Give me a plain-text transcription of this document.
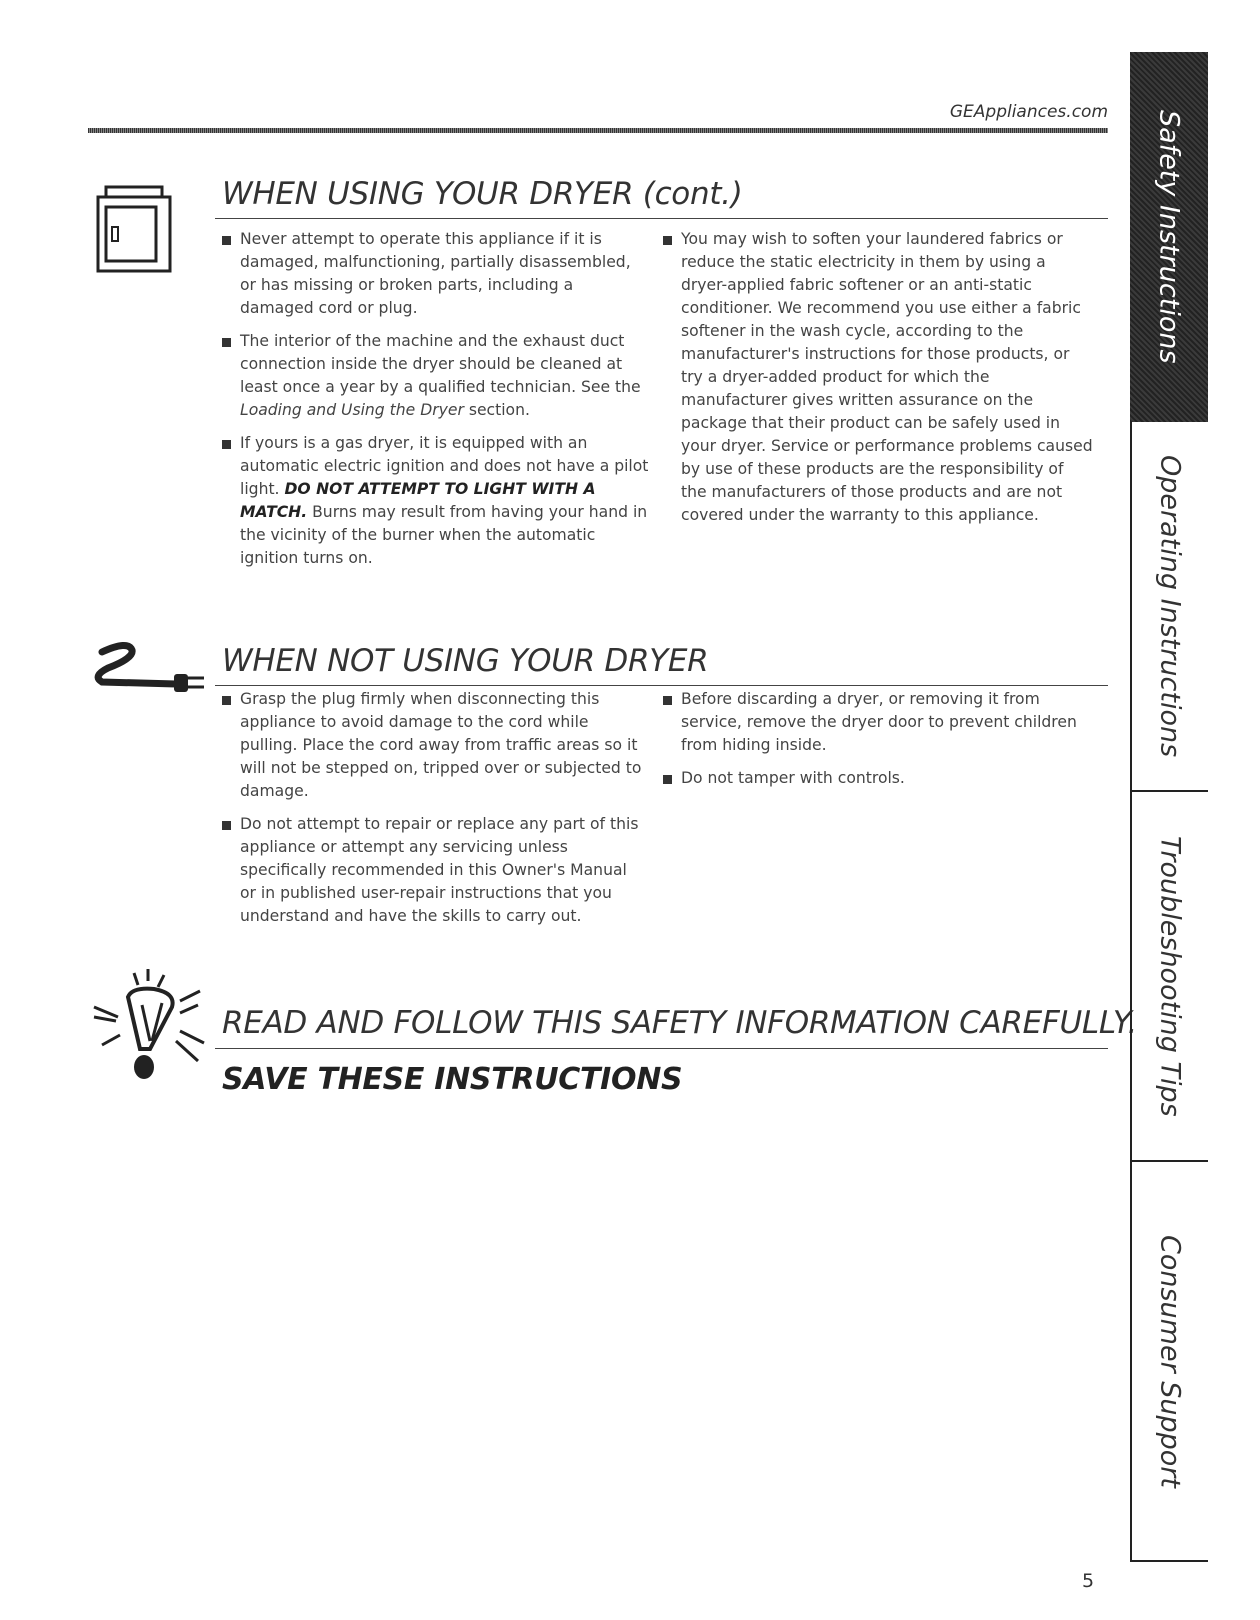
GEAppliances.com
WHEN USING YOUR DRYER (cont.)
Never attempt to operate this appliance if it is damaged, malfunctioning, partially disassembled, or has missing or broken parts, including a damaged cord or plug.
The interior of the machine and the exhaust duct connection inside the dryer should be cleaned at least once a year by a qualified technician. See the Loading and Using the Dryer section.
If yours is a gas dryer, it is equipped with an automatic electric ignition and does not have a pilot light. DO NOT ATTEMPT TO LIGHT WITH A MATCH. Burns may result from having your hand in the vicinity of the burner when the automatic ignition turns on.
You may wish to soften your laundered fabrics or reduce the static electricity in them by using a dryer-applied fabric softener or an anti-static conditioner. We recommend you use either a fabric softener in the wash cycle, according to the manufacturer's instructions for those products, or try a dryer-added product for which the manufacturer gives written assurance on the package that their product can be safely used in your dryer. Service or performance problems caused by use of these products are the responsibility of the manufacturers of those products and are not covered under the warranty to this appliance.
WHEN NOT USING YOUR DRYER
Grasp the plug firmly when disconnecting this appliance to avoid damage to the cord while pulling. Place the cord away from traffic areas so it will not be stepped on, tripped over or subjected to damage.
Do not attempt to repair or replace any part of this appliance or attempt any servicing unless specifically recommended in this Owner's Manual or in published user-repair instructions that you understand and have the skills to carry out.
Before discarding a dryer, or removing it from service, remove the dryer door to prevent children from hiding inside.
Do not tamper with controls.
READ AND FOLLOW THIS SAFETY INFORMATION CAREFULLY.
SAVE THESE INSTRUCTIONS
5
Safety Instructions
Operating Instructions
Troubleshooting Tips
Consumer Support
